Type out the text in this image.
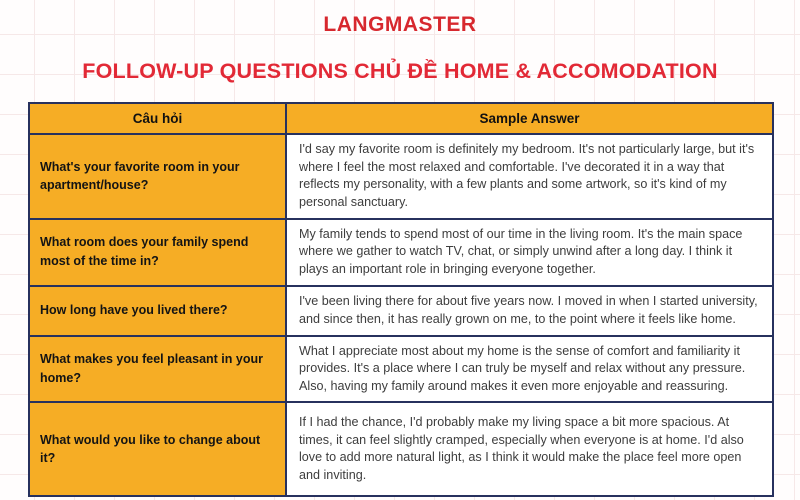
LANGMASTER
FOLLOW-UP QUESTIONS CHỦ ĐỀ HOME & ACCOMODATION
Câu hỏi	Sample Answer
What's your favorite room in your apartment/house?	I'd say my favorite room is definitely my bedroom. It's not particularly large, but it's where I feel the most relaxed and comfortable. I've decorated it in a way that reflects my personality, with a few plants and some artwork, so it's kind of my personal sanctuary.
What room does your family spend most of the time in?	My family tends to spend most of our time in the living room. It's the main space where we gather to watch TV, chat, or simply unwind after a long day. I think it plays an important role in bringing everyone together.
How long have you lived there?	I've been living there for about five years now. I moved in when I started university, and since then, it has really grown on me, to the point where it feels like home.
What makes you feel pleasant in your home?	What I appreciate most about my home is the sense of comfort and familiarity it provides. It's a place where I can truly be myself and relax without any pressure. Also, having my family around makes it even more enjoyable and reassuring.
What would you like to change about it?	If I had the chance, I'd probably make my living space a bit more spacious. At times, it can feel slightly cramped, especially when everyone is at home. I'd also love to add more natural light, as I think it would make the place feel more open and inviting.
